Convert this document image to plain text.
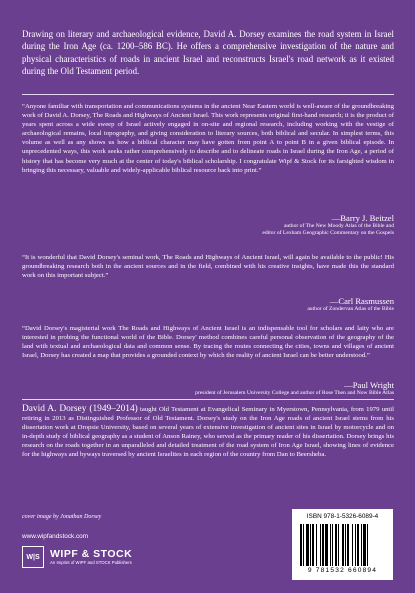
Drawing on literary and archaeological evidence, David A. Dorsey examines the road system in Israel during the Iron Age (ca. 1200–586 BC). He offers a comprehensive investigation of the nature and physical characteristics of roads in ancient Israel and reconstructs Israel's road network as it existed during the Old Testament period.

“Anyone familiar with transportation and communications systems in the ancient Near Eastern world is well-aware of the groundbreaking work of David A. Dorsey, The Roads and Highways of Ancient Israel. This work represents original first-hand research; it is the product of years spent across a wide sweep of Israel actively engaged in on-site and regional research, including working with the vestige of archaeological remains, local topography, and giving consideration to literary sources, both biblical and secular. In simplest terms, this volume as well as any shows us how a biblical character may have gotten from point A to point B in a given biblical episode. In unprecedented ways, this work seeks rather comprehensively to describe and to delineate roads in Israel during the Iron Age, a period of history that has become very much at the center of today's biblical scholarship. I congratulate Wipf & Stock for its farsighted wisdom in bringing this necessary, valuable and widely-applicable biblical resource back into print.”

—Barry J. Beitzel
author of The New Moody Atlas of the Bible and
editor of Lexham Geographic Commentary on the Gospels

“It is wonderful that David Dorsey's seminal work, The Roads and Highways of Ancient Israel, will again be available to the public! His groundbreaking research both in the ancient sources and in the field, combined with his creative insights, have made this the standard work on this important subject.”

—Carl Rasmussen
author of Zondervan Atlas of the Bible

“David Dorsey's magisterial work The Roads and Highways of Ancient Israel is an indispensable tool for scholars and laity who are interested in probing the functional world of the Bible. Dorsey' method combines careful personal observation of the geography of the land with textual and archaeological data and common sense. By tracing the routes connecting the cities, towns and villages of ancient Israel, Dorsey has created a map that provides a grounded context by which the reality of ancient Israel can be better understood.”

—Paul Wright
president of Jerusalem University College and author of Rose Then and Now Bible Atlas

David A. Dorsey (1949–2014) taught Old Testament at Evangelical Seminary in Myerstown, Pennsylvania, from 1979 until retiring in 2013 as Distinguished Professor of Old Testament. Dorsey's study on the Iron Age roads of ancient Israel stems from his dissertation work at Dropsie University, based on several years of extensive investigation of ancient sites in Israel by motorcycle and on in-depth study of biblical geography as a student of Anson Rainey, who served as the primary reader of his dissertation. Dorsey brings his research on the roads together in an unparalleled and detailed treatment of the road system of Iron Age Israel, showing lines of evidence for the highways and byways traversed by ancient Israelites in each region of the country from Dan to Beersheba.

cover image by Jonathan Dorsey
www.wipfandstock.com
W|S WIPF & STOCK
An Imprint of WIPF and STOCK Publishers
ISBN 978-1-5326-6089-4
9 781532 660894
